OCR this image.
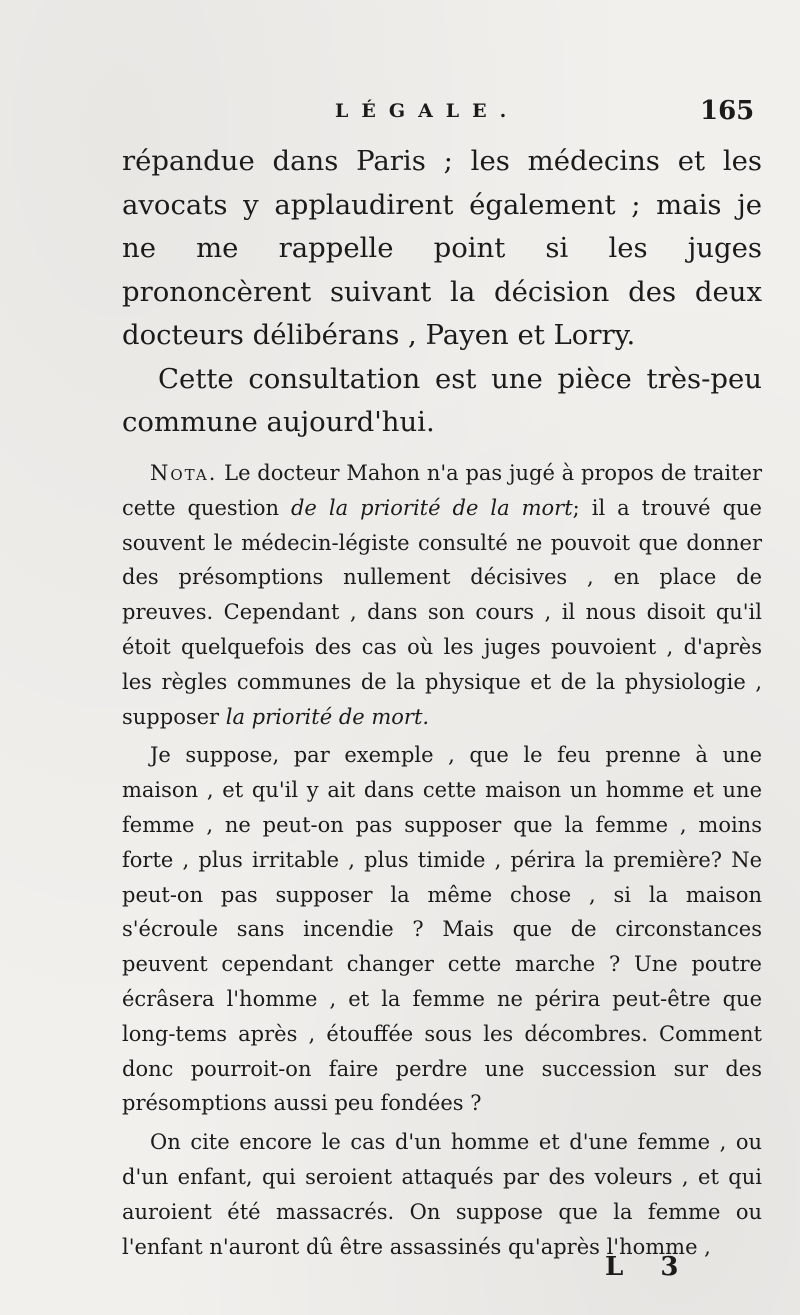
LÉGALE.	165

répandue dans Paris ; les médecins et les avocats y applaudirent également ; mais je ne me rappelle point si les juges prononcèrent suivant la décision des deux docteurs délibérans , Payen et Lorry.

Cette consultation est une pièce très-peu commune aujourd'hui.

Nota. Le docteur Mahon n'a pas jugé à propos de traiter cette question de la priorité de la mort; il a trouvé que souvent le médecin-légiste consulté ne pouvoit que donner des présomptions nullement décisives , en place de preuves. Cependant , dans son cours , il nous disoit qu'il étoit quelquefois des cas où les juges pouvoient , d'après les règles communes de la physique et de la physiologie , supposer la priorité de mort.

Je suppose, par exemple , que le feu prenne à une maison , et qu'il y ait dans cette maison un homme et une femme , ne peut-on pas supposer que la femme , moins forte , plus irritable , plus timide , périra la première? Ne peut-on pas supposer la même chose , si la maison s'écroule sans incendie ? Mais que de circonstances peuvent cependant changer cette marche ? Une poutre écrâsera l'homme , et la femme ne périra peut-être que long-tems après , étouffée sous les décombres. Comment donc pourroit-on faire perdre une succession sur des présomptions aussi peu fondées ?

On cite encore le cas d'un homme et d'une femme , ou d'un enfant, qui seroient attaqués par des voleurs , et qui auroient été massacrés. On suppose que la femme ou l'enfant n'auront dû être assassinés qu'après l'homme ,

L 3
